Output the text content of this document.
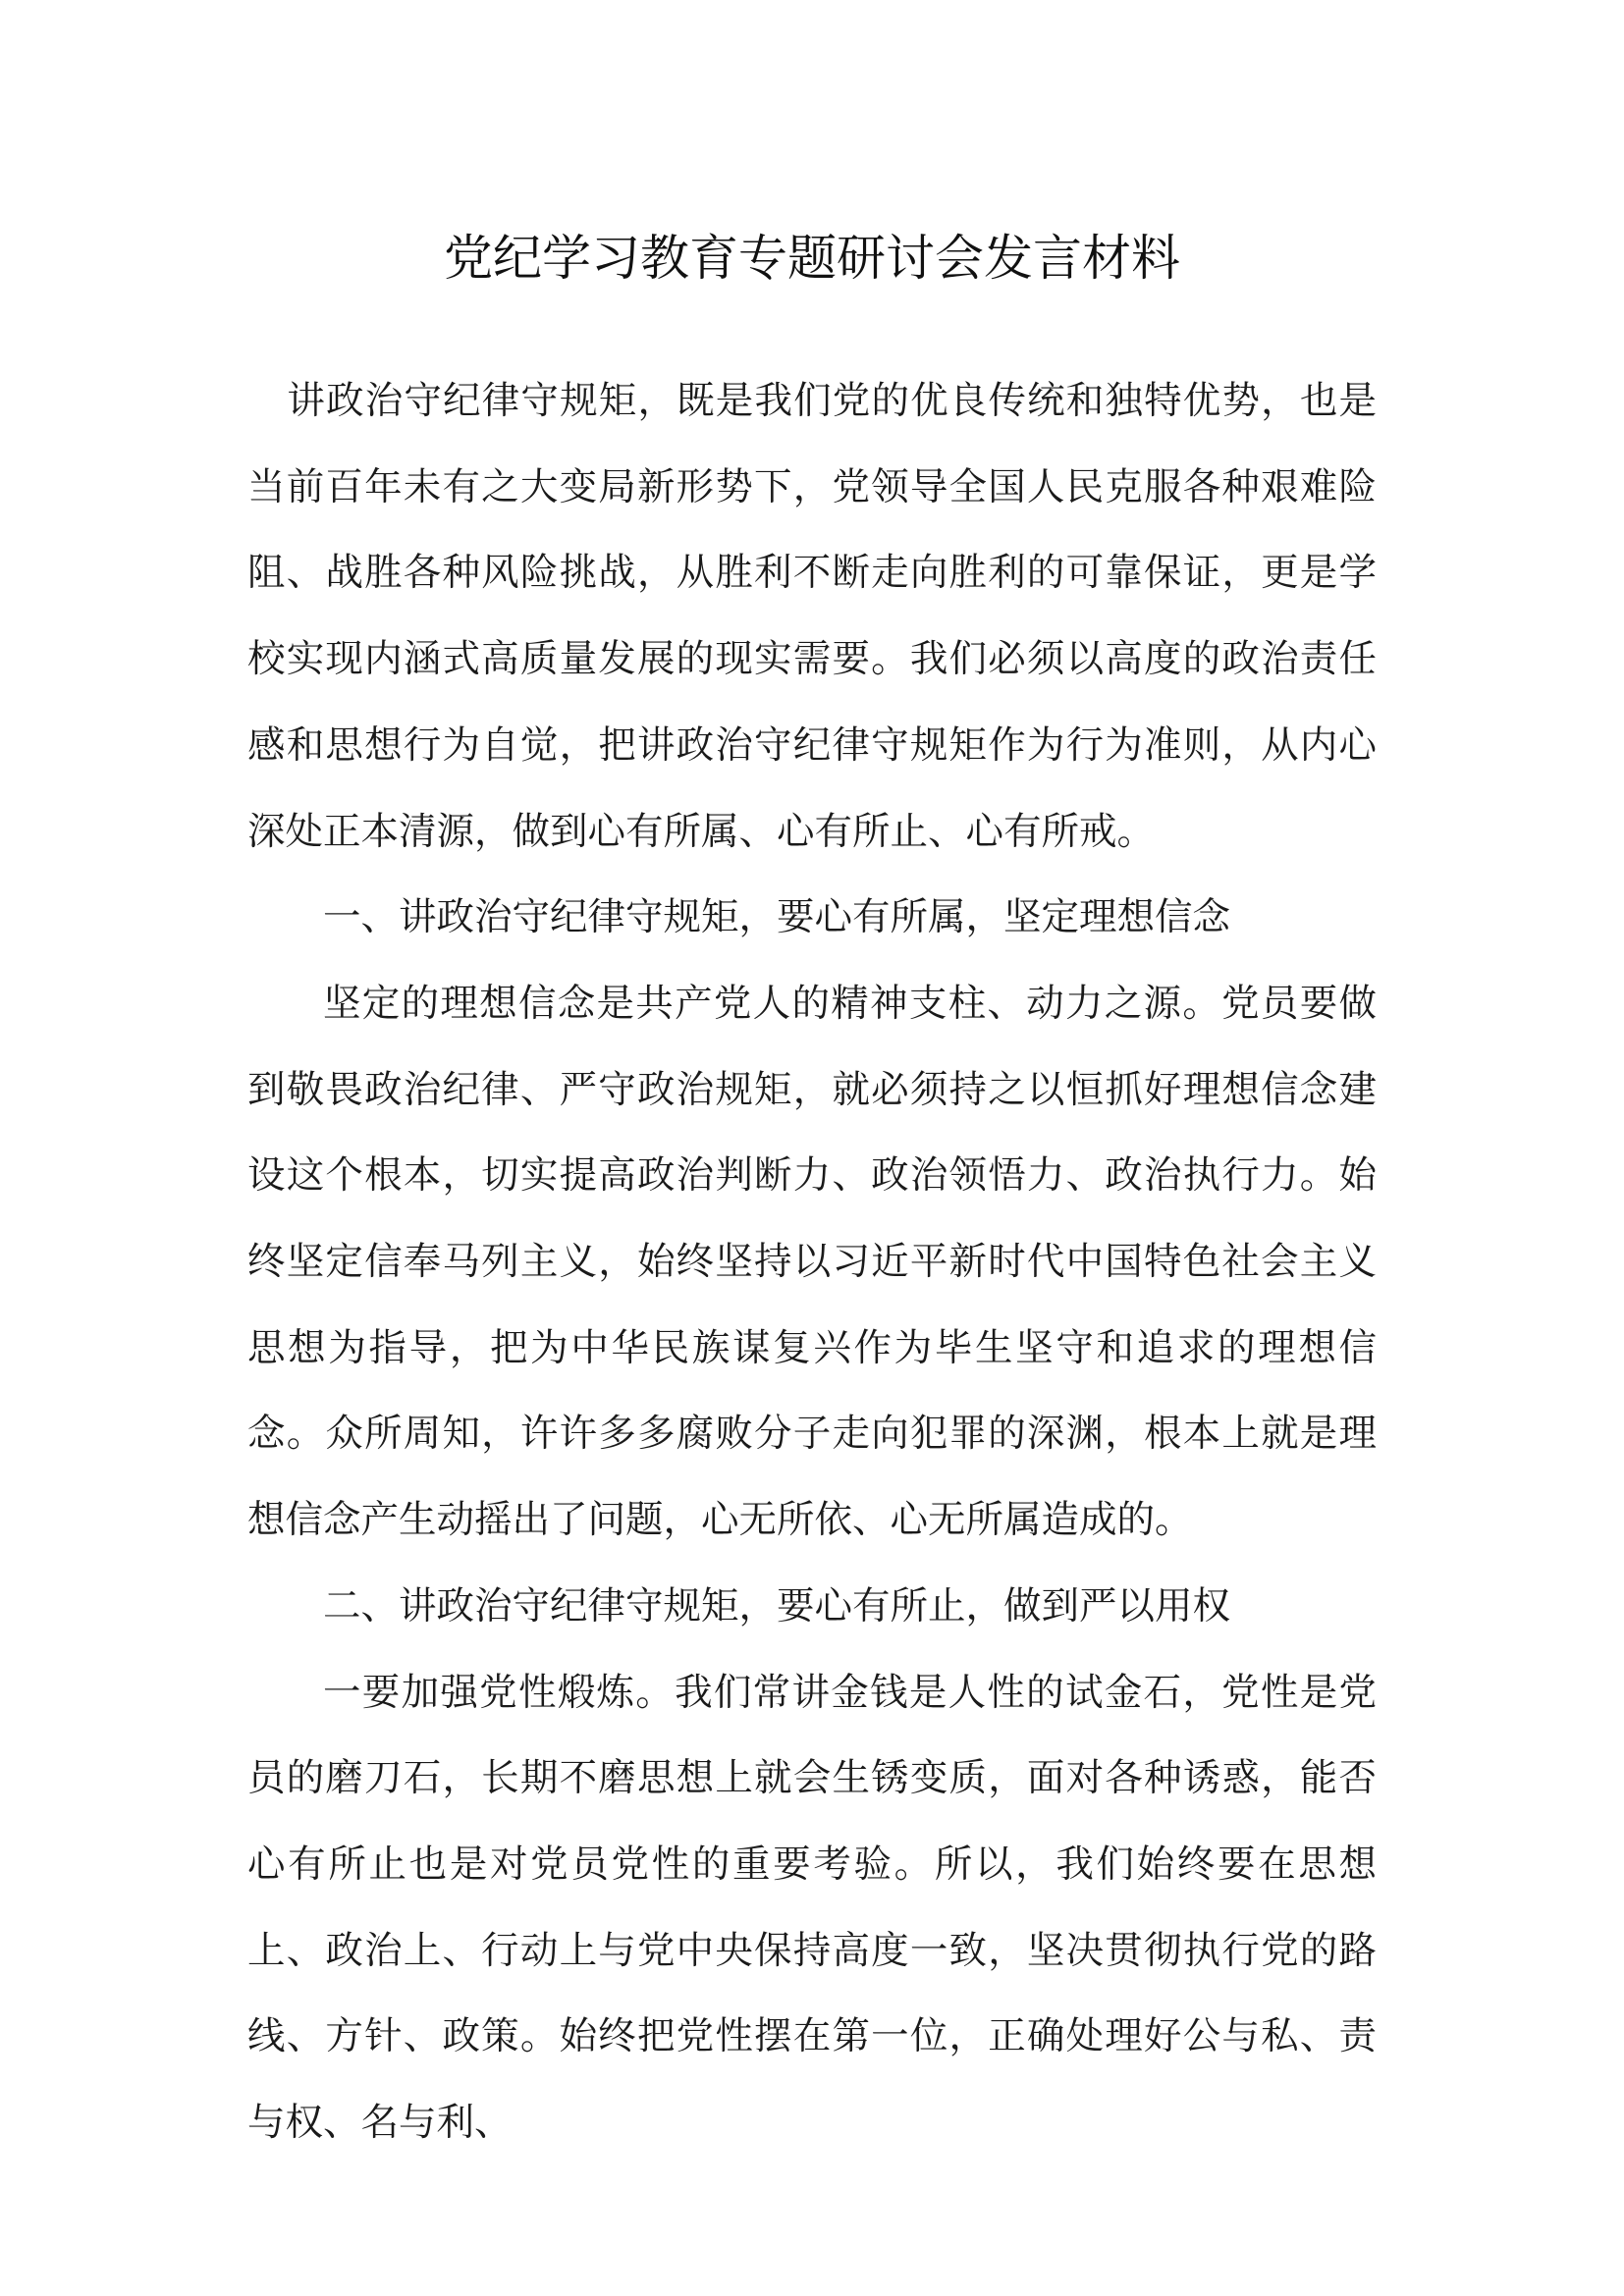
党纪学习教育专题研讨会发言材料

讲政治守纪律守规矩，既是我们党的优良传统和独特优势，也是当前百年未有之大变局新形势下，党领导全国人民克服各种艰难险阻、战胜各种风险挑战，从胜利不断走向胜利的可靠保证，更是学校实现内涵式高质量发展的现实需要。我们必须以高度的政治责任感和思想行为自觉，把讲政治守纪律守规矩作为行为准则，从内心深处正本清源，做到心有所属、心有所止、心有所戒。

一、讲政治守纪律守规矩，要心有所属，坚定理想信念

坚定的理想信念是共产党人的精神支柱、动力之源。党员要做到敬畏政治纪律、严守政治规矩，就必须持之以恒抓好理想信念建设这个根本，切实提高政治判断力、政治领悟力、政治执行力。始终坚定信奉马列主义，始终坚持以习近平新时代中国特色社会主义思想为指导，把为中华民族谋复兴作为毕生坚守和追求的理想信念。众所周知，许许多多腐败分子走向犯罪的深渊，根本上就是理想信念产生动摇出了问题，心无所依、心无所属造成的。

二、讲政治守纪律守规矩，要心有所止，做到严以用权

一要加强党性煅炼。我们常讲金钱是人性的试金石，党性是党员的磨刀石，长期不磨思想上就会生锈变质，面对各种诱惑，能否心有所止也是对党员党性的重要考验。所以，我们始终要在思想上、政治上、行动上与党中央保持高度一致，坚决贯彻执行党的路线、方针、政策。始终把党性摆在第一位，正确处理好公与私、责与权、名与利、
